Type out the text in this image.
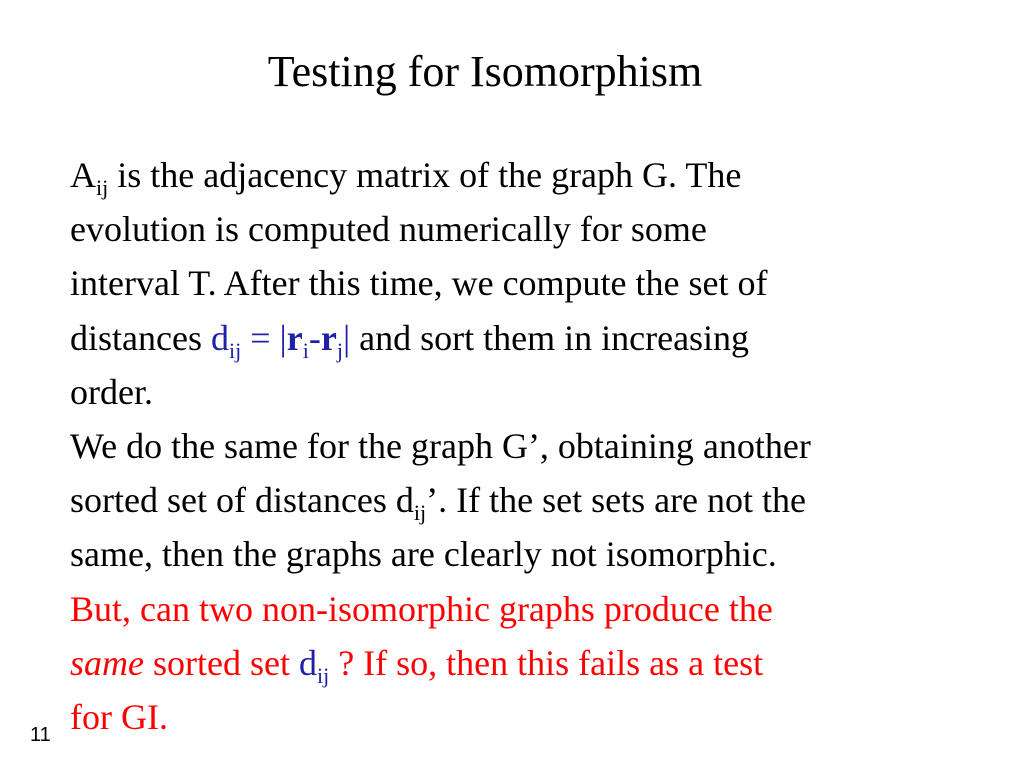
Testing for Isomorphism
$A_{ij}$ is the adjacency matrix of the graph G. The
evolution is computed numerically for some
interval T. After this time, we compute the set of
distances $d_{ij} = |r_i-r_j|$ and sort them in increasing
order.
We do the same for the graph G’, obtaining another
sorted set of distances $d_{ij}$’. If the set sets are not the
same, then the graphs are clearly not isomorphic.
But, can two non-isomorphic graphs produce the
same sorted set $d_{ij}$ ? If so, then this fails as a test
for GI.
11
